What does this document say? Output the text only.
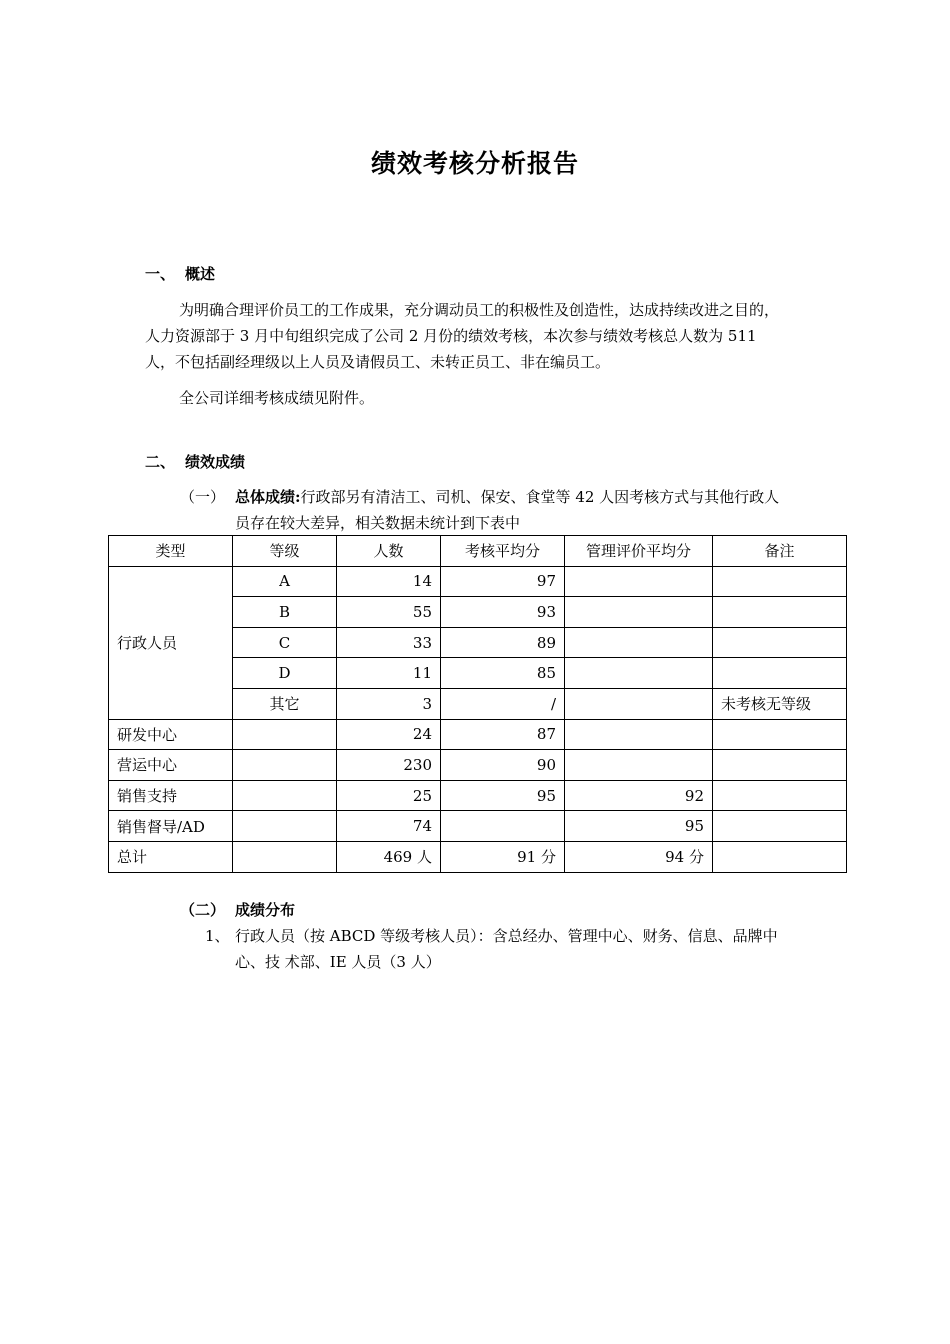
绩效考核分析报告
一、 概述
为明确合理评价员工的工作成果，充分调动员工的积极性及创造性，达成持续改进之目的，人力资源部于 3 月中旬组织完成了公司 2 月份的绩效考核，本次参与绩效考核总人数为 511 人，不包括副经理级以上人员及请假员工、未转正员工、非在编员工。
全公司详细考核成绩见附件。
二、 绩效成绩
（一） 总体成绩:行政部另有清洁工、司机、保安、食堂等 42 人因考核方式与其他行政人员存在较大差异，相关数据未统计到下表中
类型	等级	人数	考核平均分	管理评价平均分	备注
行政人员	A	14	97		
	B	55	93		
	C	33	89		
	D	11	85		
	其它	3	/		未考核无等级
研发中心		24	87		
营运中心		230	90		
销售支持		25	95	92	
销售督导/AD		74		95	
总计		469 人	91 分	94 分	
（二） 成绩分布
1、 行政人员（按 ABCD 等级考核人员）：含总经办、管理中心、财务、信息、品牌中心、技 术部、IE 人员（3 人）
